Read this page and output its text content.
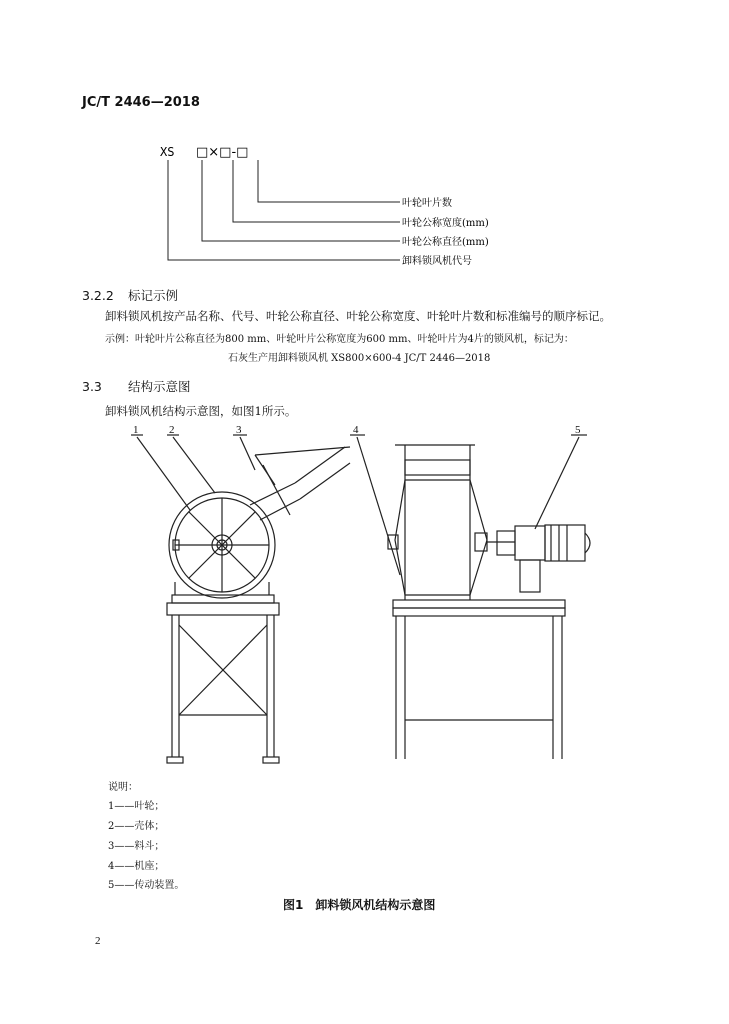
JC/T 2446—2018
XS □×□-□
叶轮叶片数
叶轮公称宽度(mm)
叶轮公称直径(mm)
卸料锁风机代号
3.2.2 标记示例
卸料锁风机按产品名称、代号、叶轮公称直径、叶轮公称宽度、叶轮叶片数和标准编号的顺序标记。
示例：叶轮叶片公称直径为800 mm、叶轮叶片公称宽度为600 mm、叶轮叶片为4片的锁风机，标记为：
石灰生产用卸料锁风机 XS800×600-4 JC/T 2446—2018
3.3 结构示意图
卸料锁风机结构示意图，如图1所示。
1	2	3	4	5
说明：
1——叶轮；
2——壳体；
3——料斗；
4——机座；
5——传动装置。
图1　卸料锁风机结构示意图
2
